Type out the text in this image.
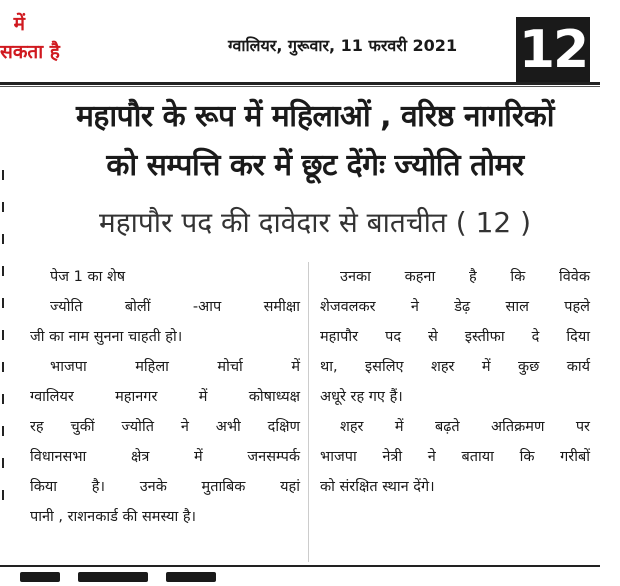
में
सकता है	ग्वालियर, गुरूवार, 11 फरवरी 2021 12
महापौर के रूप में महिलाओं , वरिष्ठ नागरिकों
को सम्पत्ति कर में छूट देंगेः ज्योति तोमर
महापौर पद की दावेदार से बातचीत ( 12 )

पेज 1 का शेष

ज्योति बोलीं -आप समीक्षा

जी का नाम सुनना चाहती हो।

भाजपा महिला मोर्चा में

ग्वालियर महानगर में कोषाध्यक्ष

रह चुकीं ज्योति ने अभी दक्षिण

विधानसभा क्षेत्र में जनसम्पर्क

किया है। उनके मुताबिक यहां

पानी , राशनकार्ड की समस्या है।

उनका कहना है कि विवेक

शेजवलकर ने डेढ़ साल पहले

महापौर पद से इस्तीफा दे दिया

था, इसलिए शहर में कुछ कार्य

अधूरे रह गए हैं।

शहर में बढ़ते अतिक्रमण पर

भाजपा नेत्री ने बताया कि गरीबों

को संरक्षित स्थान देंगे।
